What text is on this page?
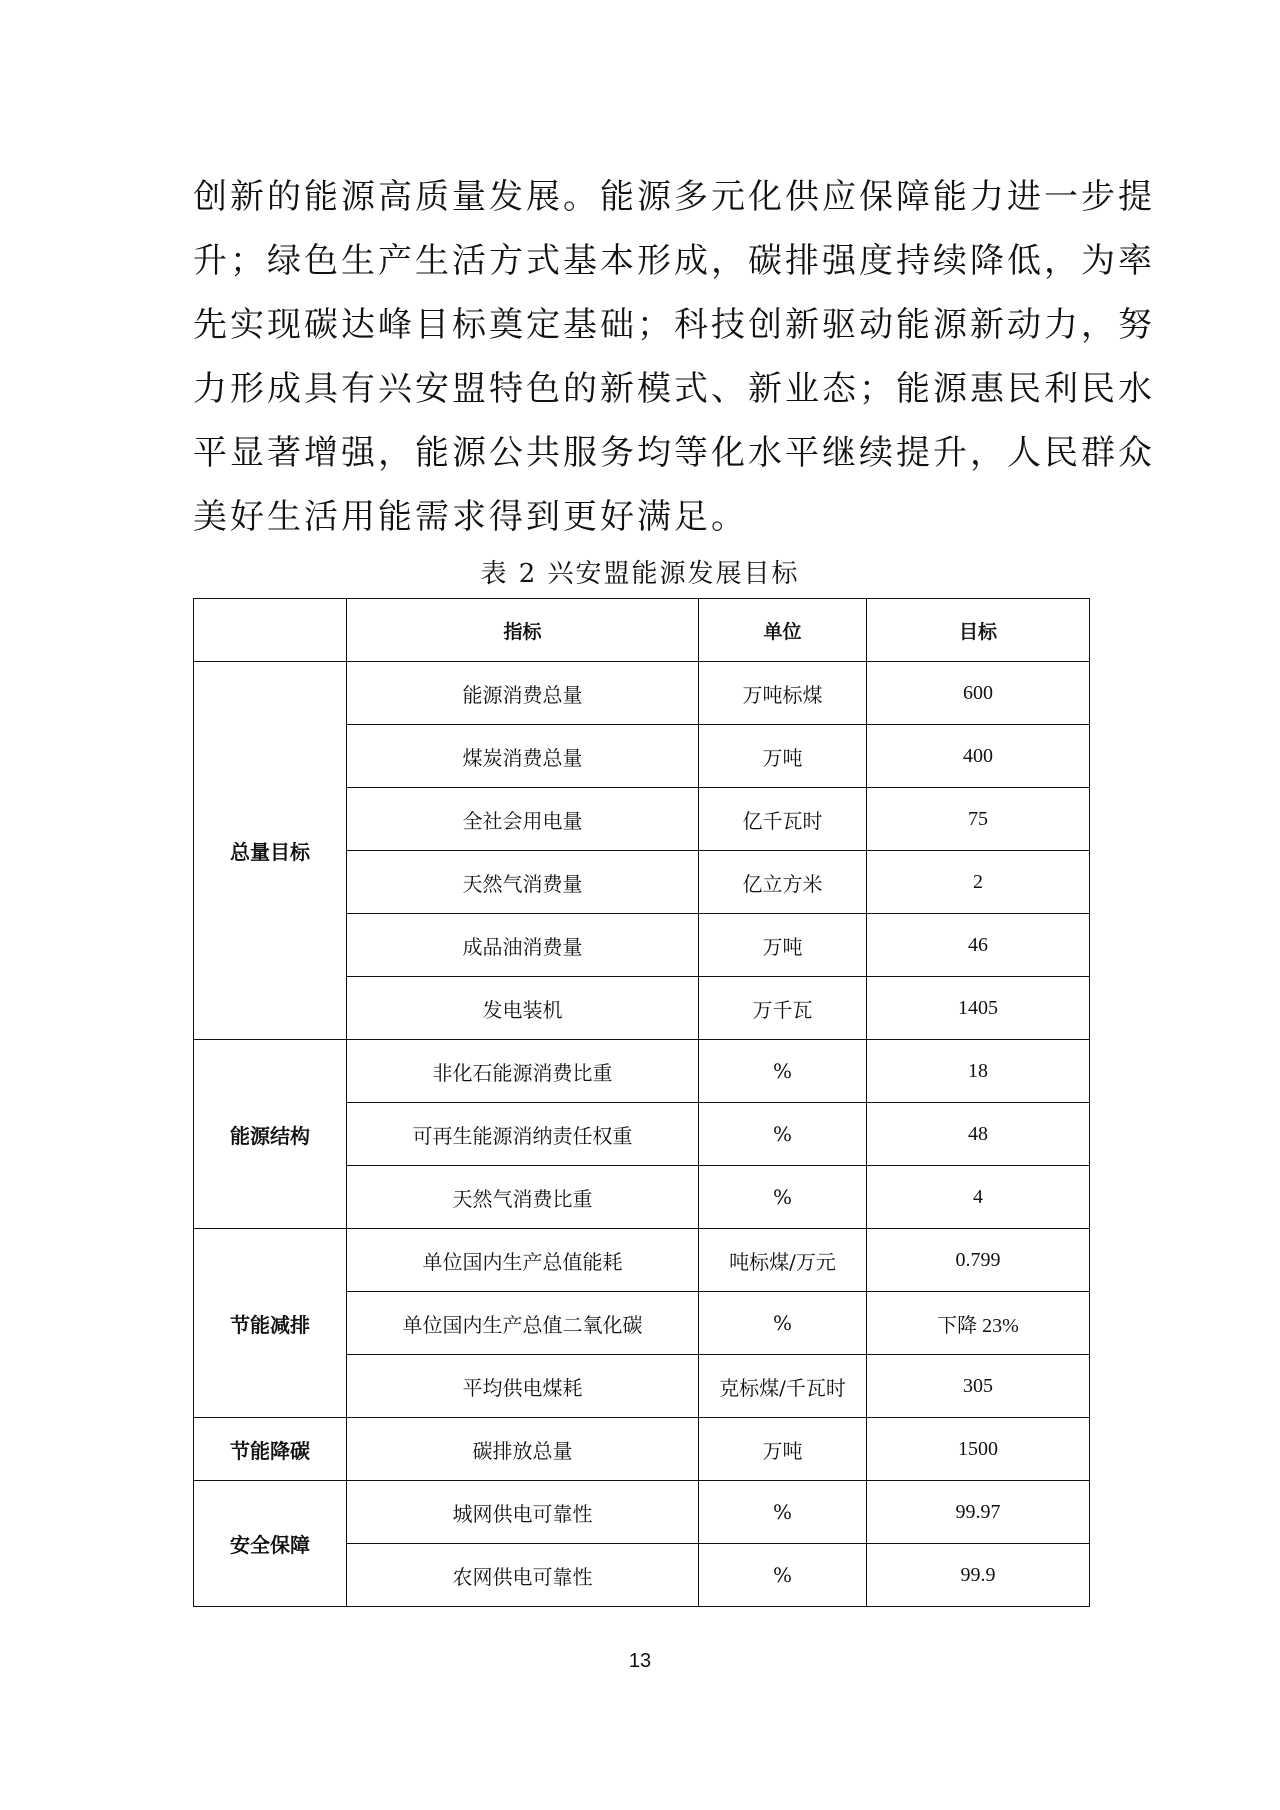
创新的能源高质量发展。能源多元化供应保障能力进一步提
升；绿色生产生活方式基本形成，碳排强度持续降低，为率
先实现碳达峰目标奠定基础；科技创新驱动能源新动力，努
力形成具有兴安盟特色的新模式、新业态；能源惠民利民水
平显著增强，能源公共服务均等化水平继续提升，人民群众
美好生活用能需求得到更好满足。
表 2 兴安盟能源发展目标
	指标	单位	目标
总量目标	能源消费总量	万吨标煤	600
	煤炭消费总量	万吨	400
	全社会用电量	亿千瓦时	75
	天然气消费量	亿立方米	2
	成品油消费量	万吨	46
	发电装机	万千瓦	1405
能源结构	非化石能源消费比重	%	18
	可再生能源消纳责任权重	%	48
	天然气消费比重	%	4
节能减排	单位国内生产总值能耗	吨标煤/万元	0.799
	单位国内生产总值二氧化碳	%	下降 23%
	平均供电煤耗	克标煤/千瓦时	305
节能降碳	碳排放总量	万吨	1500
安全保障	城网供电可靠性	%	99.97
	农网供电可靠性	%	99.9
13
